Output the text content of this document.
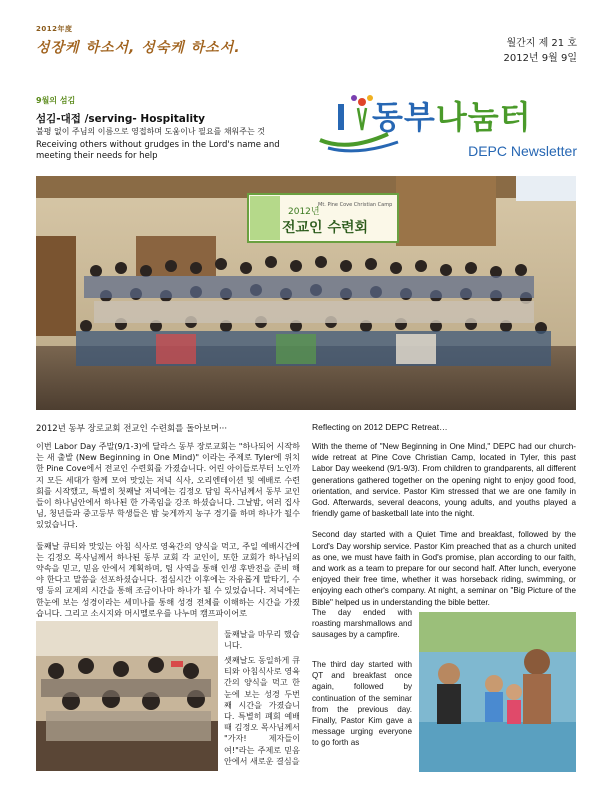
2012年度
성장케 하소서, 성숙케 하소서.	월간지 제 21 호
2012년 9월 9일
9월의 섬김
섬김-대접 /serving- Hospitality
불평 없이 주님의 이름으로 영접하며 도움이나 필요를 채워주는 것
Receiving others without grudges in the Lord's name and meeting their needs for help
동부나눔터
DEPC Newsletter
2012년
전교인 수련회
Mt. Pine Cove Christian Camp
2012년 동부 장로교회 전교인 수련회를 돌아보며···	Reflecting on 2012 DEPC Retreat…

이번 Labor Day 주말(9/1-3)에 달라스 동부 장로교회는 "하나되어 시작하는 새 출발 (New Beginning in One Mind)" 이라는 주제로 Tyler에 위치한 Pine Cove에서 전교인 수련회를 가졌습니다. 어린 아이들로부터 노인까지 모든 세대가 함께 모여 맛있는 저녁 식사, 오리엔테이션 및 예배로 수련회를 시작했고, 특별히 첫째날 저녁에는 김정오 담임 목사님께서 동부 교인들이 하나님안에서 하나된 한 가족임을 강조 하셨습니다. 그날밤, 여러 집사님, 청년들과 중고등부 학생들은 밤 늦게까지 농구 경기를 하며 하나가 될수 있었습니다.

둘째날 큐티와 맛있는 아침 식사로 영육간의 양식을 먹고, 주일 예배시간에는 김정오 목사님께서 하나된 동부 교회 각 교인이, 또한 교회가 하나님의 약속을 믿고, 믿음 안에서 계획하며, 팀 사역을 통해 인생 후반전을 준비 해야 한다고 말씀을 선포하셨습니다. 점심시간 이후에는 자유롭게 말타기, 수영 등의 교제의 시간을 통해 조금이나마 하나가 될 수 있었습니다. 저녁에는 한눈에 보는 성경이라는 세미나를 통해 성경 전체를 이해하는 시간을 가졌습니다. 그리고 소시지와 머시멜로우를 나누며 캠프파이어로

둘째날을 마무리 했습니다.
셋째날도 동일하게 큐티와 아침식사로 영육간의 양식을 먹고 한눈에 보는 성경 두번째 시간을 가졌습니다. 특별히 폐회 예배 때 김정오 목사님께서 "가자! 제자들이여!"라는 주제로 믿음 안에서 새로운 결심을

With the theme of "New Beginning in One Mind," DEPC had our church-wide retreat at Pine Cove Christian Camp, located in Tyler, this past Labor Day weekend (9/1-9/3). From children to grandparents, all different generations gathered together on the opening night to enjoy good food, orientation, and service. Pastor Kim stressed that we are one family in God. Afterwards, several deacons, young adults, and youths played a friendly game of basketball late into the night.

Second day started with a Quiet Time and breakfast, followed by the Lord's Day worship service. Pastor Kim preached that as a church united as one, we must have faith in God's promise, plan according to our faith, and work as a team to prepare for our second half. After lunch, everyone enjoyed their free time, whether it was horseback riding, swimming, or enjoying each other's company. At night, a seminar on "Big Picture of the Bible" helped us in understanding the bible better.

The day ended with roasting marshmallows and sausages by a campfire.
The third day started with QT and breakfast once again, followed by continuation of the seminar from the previous day. Finally, Pastor Kim gave a message urging everyone to go forth as
